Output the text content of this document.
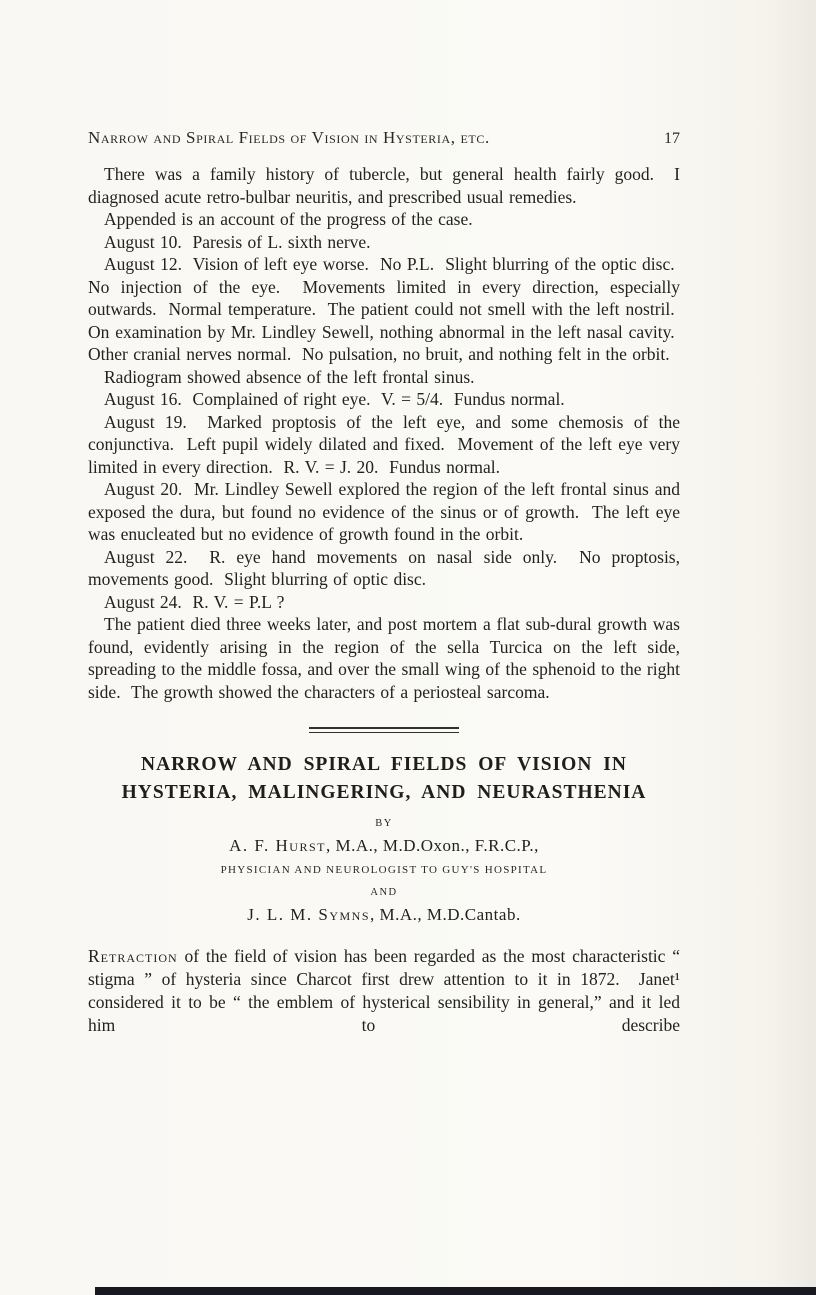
Narrow and Spiral Fields of Vision in Hysteria, etc.	17

There was a family history of tubercle, but general health fairly good.  I diagnosed acute retro-bulbar neuritis, and prescribed usual remedies.

Appended is an account of the progress of the case.

August 10.  Paresis of L. sixth nerve.

August 12.  Vision of left eye worse.  No P.L.  Slight blurring of the optic disc.  No injection of the eye.  Movements limited in every direction, especially outwards.  Normal temperature.  The patient could not smell with the left nostril.  On examination by Mr. Lindley Sewell, nothing abnormal in the left nasal cavity.  Other cranial nerves normal.  No pulsation, no bruit, and nothing felt in the orbit.

Radiogram showed absence of the left frontal sinus.

August 16.  Complained of right eye.  V. = 5/4.  Fundus normal.

August 19.  Marked proptosis of the left eye, and some chemosis of the conjunctiva.  Left pupil widely dilated and fixed.  Movement of the left eye very limited in every direction.  R. V. = J. 20.  Fundus normal.

August 20.  Mr. Lindley Sewell explored the region of the left frontal sinus and exposed the dura, but found no evidence of the sinus or of growth.  The left eye was enucleated but no evidence of growth found in the orbit.

August 22.  R. eye hand movements on nasal side only.  No proptosis, movements good.  Slight blurring of optic disc.

August 24.  R. V. = P.L ?

The patient died three weeks later, and post mortem a flat sub-dural growth was found, evidently arising in the region of the sella Turcica on the left side, spreading to the middle fossa, and over the small wing of the sphenoid to the right side.  The growth showed the characters of a periosteal sarcoma.

NARROW AND SPIRAL FIELDS OF VISION IN
HYSTERIA, MALINGERING, AND NEURASTHENIA
BY
A. F. Hurst, M.A., M.D.Oxon., F.R.C.P.,
PHYSICIAN AND NEUROLOGIST TO GUY'S HOSPITAL
AND
J. L. M. Symns, M.A., M.D.Cantab.

Retraction of the field of vision has been regarded as the most characteristic “ stigma ” of hysteria since Charcot first drew attention to it in 1872.  Janet¹ considered it to be “ the emblem of hysterical sensibility in general,” and it led him to describe
